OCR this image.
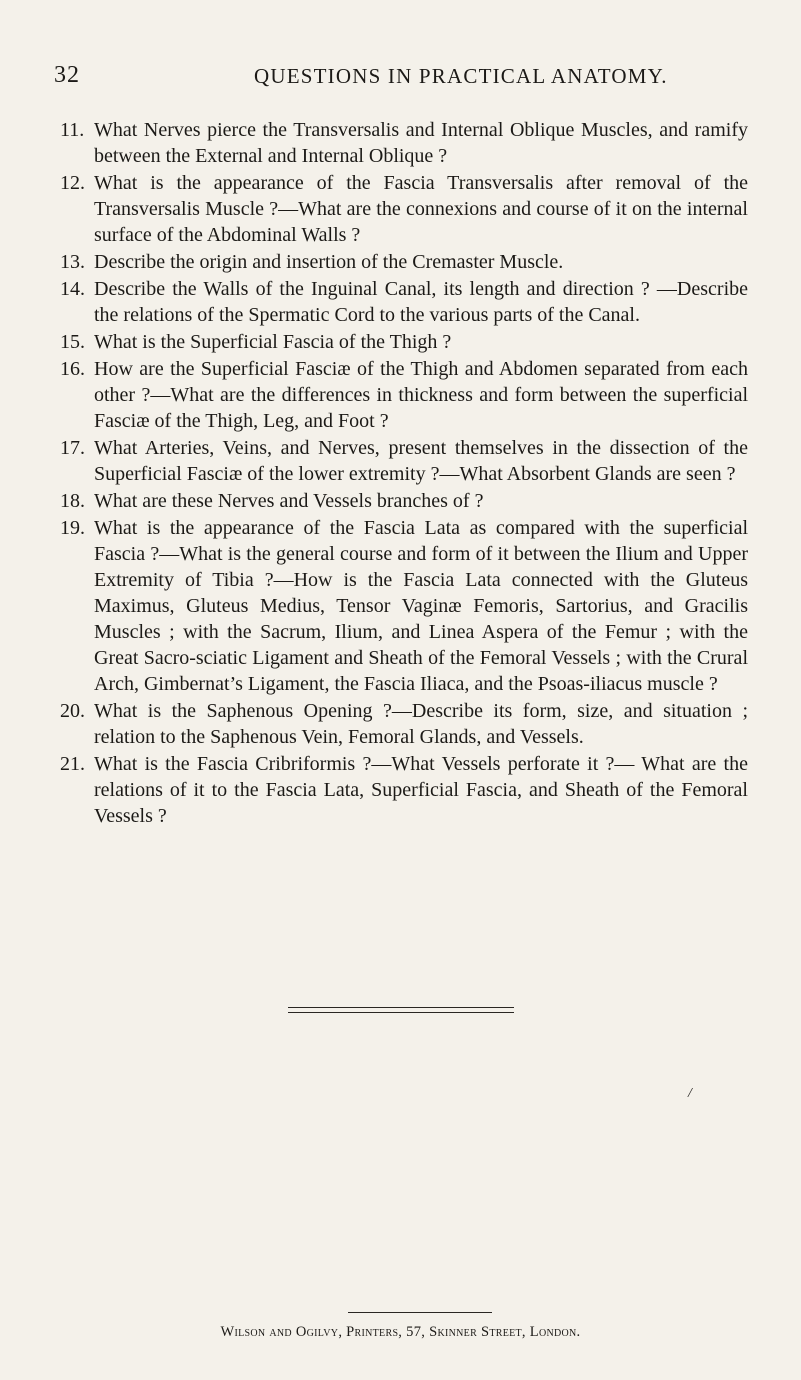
32	QUESTIONS IN PRACTICAL ANATOMY.
11. What Nerves pierce the Transversalis and Internal Oblique Muscles, and ramify between the External and Internal Oblique ?
12. What is the appearance of the Fascia Transversalis after removal of the Transversalis Muscle ?—What are the connexions and course of it on the internal surface of the Abdominal Walls ?
13. Describe the origin and insertion of the Cremaster Muscle.
14. Describe the Walls of the Inguinal Canal, its length and direction ? —Describe the relations of the Spermatic Cord to the various parts of the Canal.
15. What is the Superficial Fascia of the Thigh ?
16. How are the Superficial Fasciæ of the Thigh and Abdomen separated from each other ?—What are the differences in thickness and form between the superficial Fasciæ of the Thigh, Leg, and Foot ?
17. What Arteries, Veins, and Nerves, present themselves in the dissection of the Superficial Fasciæ of the lower extremity ?—What Absorbent Glands are seen ?
18. What are these Nerves and Vessels branches of ?
19. What is the appearance of the Fascia Lata as compared with the superficial Fascia ?—What is the general course and form of it between the Ilium and Upper Extremity of Tibia ?—How is the Fascia Lata connected with the Gluteus Maximus, Gluteus Medius, Tensor Vaginæ Femoris, Sartorius, and Gracilis Muscles ; with the Sacrum, Ilium, and Linea Aspera of the Femur ; with the Great Sacro-sciatic Ligament and Sheath of the Femoral Vessels ; with the Crural Arch, Gimbernat’s Ligament, the Fascia Iliaca, and the Psoas-iliacus muscle ?
20. What is the Saphenous Opening ?—Describe its form, size, and situation ; relation to the Saphenous Vein, Femoral Glands, and Vessels.
21. What is the Fascia Cribriformis ?—What Vessels perforate it ?— What are the relations of it to the Fascia Lata, Superficial Fascia, and Sheath of the Femoral Vessels ?
/
Wilson and Ogilvy, Printers, 57, Skinner Street, London.
